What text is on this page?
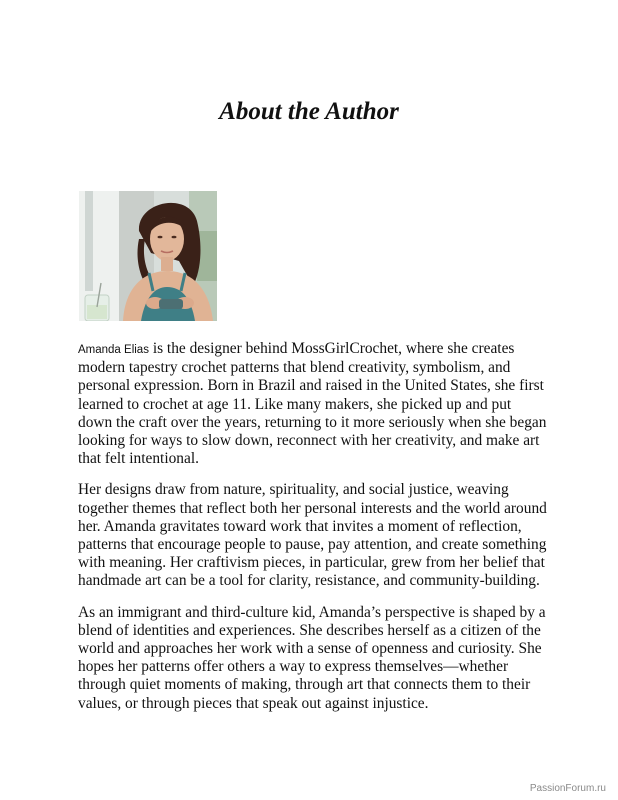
About the Author

Amanda Elias is the designer behind MossGirlCrochet, where she creates modern tapestry crochet patterns that blend creativity, symbolism, and personal expression. Born in Brazil and raised in the United States, she first learned to crochet at age 11. Like many makers, she picked up and put down the craft over the years, returning to it more seriously when she began looking for ways to slow down, reconnect with her creativity, and make art that felt intentional.

Her designs draw from nature, spirituality, and social justice, weaving together themes that reflect both her personal interests and the world around her. Amanda gravitates toward work that invites a moment of reflection, patterns that encourage people to pause, pay attention, and create something with meaning. Her craftivism pieces, in particular, grew from her belief that handmade art can be a tool for clarity, resistance, and community-building.

As an immigrant and third-culture kid, Amanda’s perspective is shaped by a blend of identities and experiences. She describes herself as a citizen of the world and approaches her work with a sense of openness and curiosity. She hopes her patterns offer others a way to express themselves—whether through quiet moments of making, through art that connects them to their values, or through pieces that speak out against injustice.

PassionForum.ru
